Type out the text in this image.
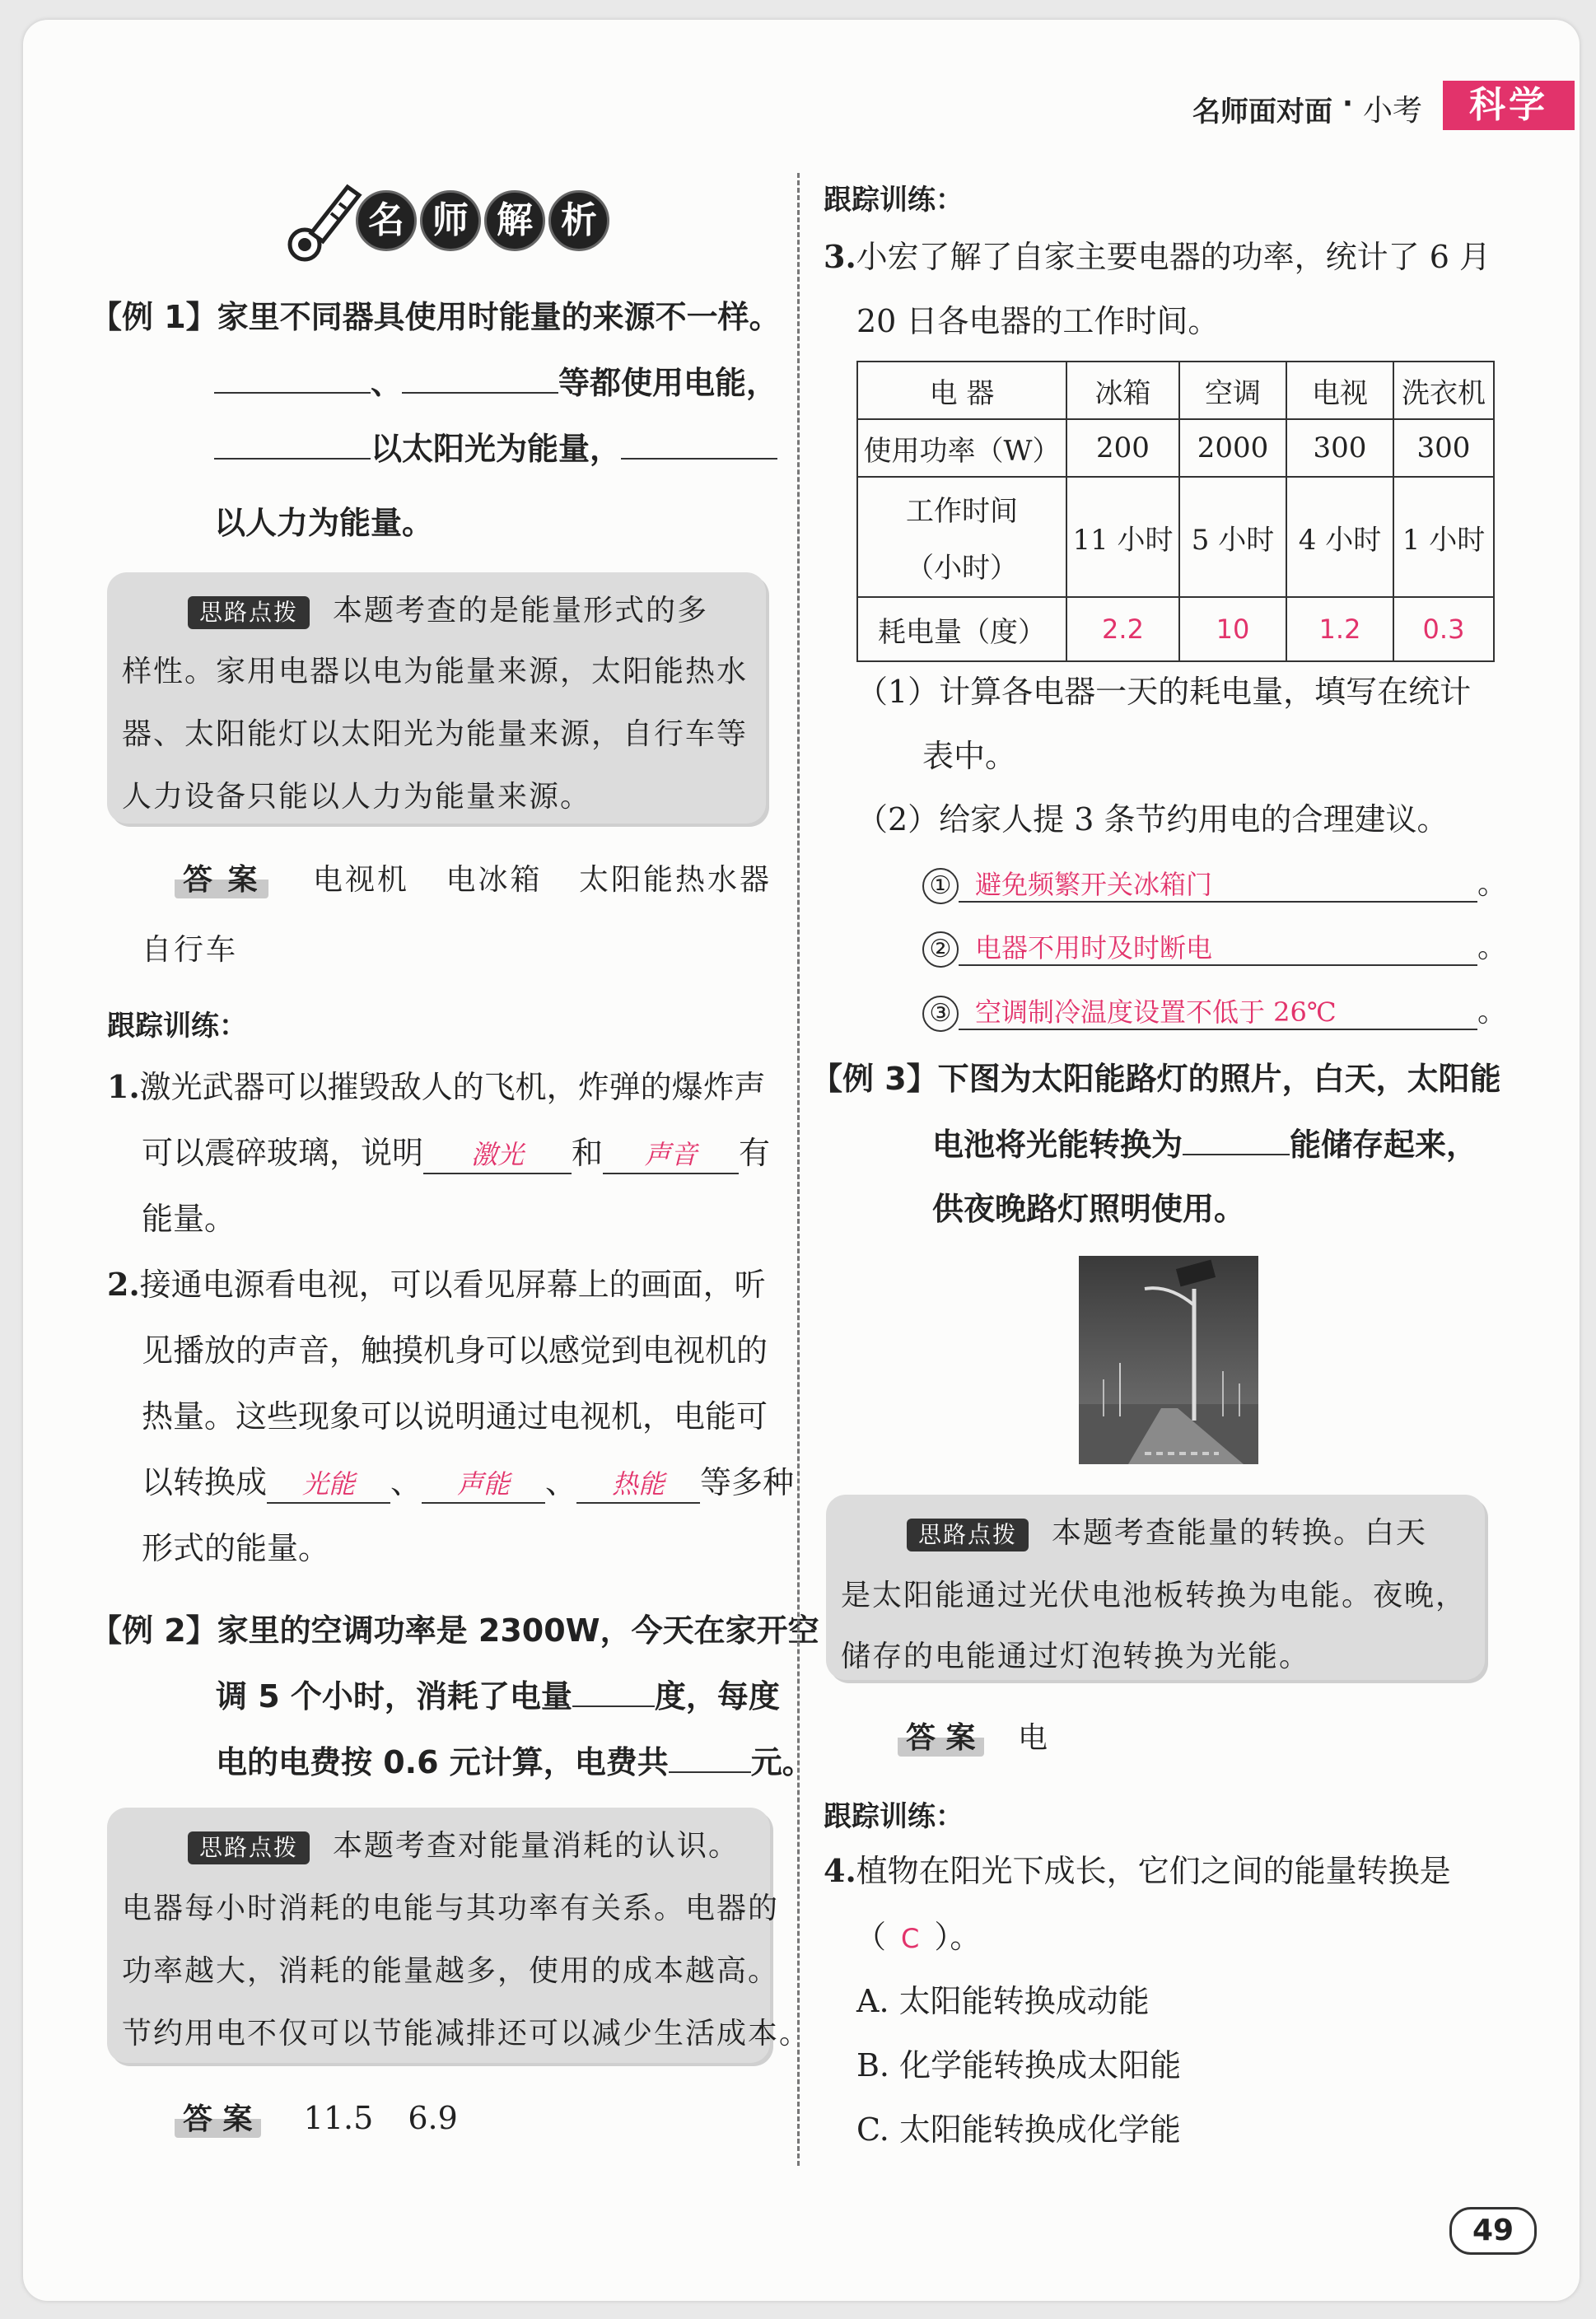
名师面对面 · 小考	科学
名 师 解 析
【例 1】家里不同器具使用时能量的来源不一样。
、	等都使用电能，
以太阳光为能量，
以人力为能量。
思路点拨 本题考查的是能量形式的多
样性。家用电器以电为能量来源，太阳能热水
器、太阳能灯以太阳光为能量来源，自行车等
人力设备只能以人力为能量来源。
答 案 电视机 电冰箱 太阳能热水器
自行车
跟踪训练：
1.激光武器可以摧毁敌人的飞机，炸弹的爆炸声
可以震碎玻璃，说明 激光 和 声音 有
能量。
2.接通电源看电视，可以看见屏幕上的画面，听
见播放的声音，触摸机身可以感觉到电视机的
热量。这些现象可以说明通过电视机，电能可
以转换成 光能 、 声能 、 热能 等多种
形式的能量。
【例 2】家里的空调功率是 2300W，今天在家开空
调 5 个小时，消耗了电量	度，每度
电的电费按 0.6 元计算，电费共	元。
思路点拨 本题考查对能量消耗的认识。
电器每小时消耗的电能与其功率有关系。电器的
功率越大，消耗的能量越多，使用的成本越高。
节约用电不仅可以节能减排还可以减少生活成本。
答 案 11.5 6.9
跟踪训练：
3.小宏了解了自家主要电器的功率，统计了 6 月
20 日各电器的工作时间。
电 器	冰箱	空调	电视	洗衣机
使用功率（W）	200	2000	300	300

工作时间
（小时）	11 小时	5 小时	4 小时	1 小时
耗电量（度）	2.2	10	1.2	0.3
（1）计算各电器一天的耗电量，填写在统计
表中。
（2）给家人提 3 条节约用电的合理建议。
① 避免频繁开关冰箱门	。
② 电器不用时及时断电	。
③ 空调制冷温度设置不低于 26℃	。
【例 3】下图为太阳能路灯的照片，白天，太阳能
电池将光能转换为	能储存起来，
供夜晚路灯照明使用。
思路点拨 本题考查能量的转换。白天
是太阳能通过光伏电池板转换为电能。夜晚，
储存的电能通过灯泡转换为光能。
答 案 电
跟踪训练：
4.植物在阳光下成长，它们之间的能量转换是
（ C ）。
A. 太阳能转换成动能
B. 化学能转换成太阳能
C. 太阳能转换成化学能
49
